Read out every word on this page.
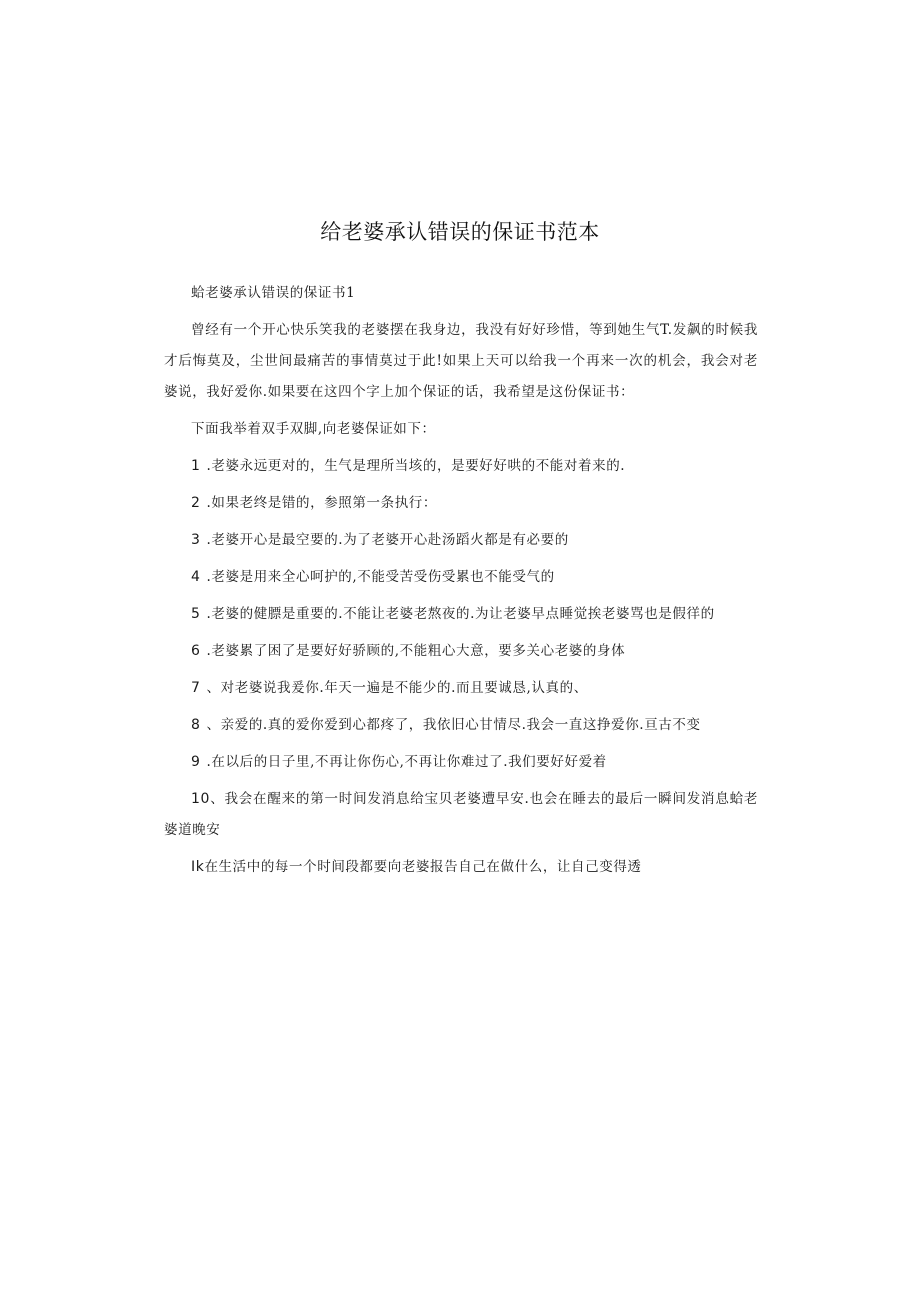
给老婆承认错误的保证书范本

蛤老婆承认错误的保证书1

曾经有一个开心快乐笑我的老婆摆在我身边，我没有好好珍惜，等到她生气T.发飙的时候我才后悔莫及，尘世间最痛苦的事情莫过于此!如果上天可以给我一个再来一次的机会，我会对老婆说，我好爱你.如果要在这四个字上加个保证的话，我希望是这份保证书：

下面我举着双手双脚,向老婆保证如下：

1 .老婆永远更对的，生气是理所当垓的，是要好好哄的不能对着来的.

2 .如果老终是错的，参照第一条执行：

3 .老婆开心是最空要的.为了老婆开心赴汤蹈火都是有必要的

4 .老婆是用来全心呵护的,不能受苦受伤受累也不能受气的

5 .老婆的健膘是重要的.不能让老婆老熬夜的.为让老婆早点睡觉挨老婆骂也是假徉的

6 .老婆累了困了是要好好骄顾的,不能粗心大意，要多关心老婆的身体

7 、对老婆说我爰你.年天一遍是不能少的.而且要诚恳,认真的、

8 、亲爱的.真的爱你爱到心都疼了，我依旧心甘情尽.我会一直这挣爱你.亘古不变

9 .在以后的日子里,不再让你伤心,不再让你难过了.我们要好好爱着

10、我会在醒来的第一时间发消息给宝贝老婆遭早安.也会在睡去的最后一瞬间发消息蛤老婆道晚安

Ik在生活中的每一个时间段都要向老婆报告自己在做什么，让自己变得透
